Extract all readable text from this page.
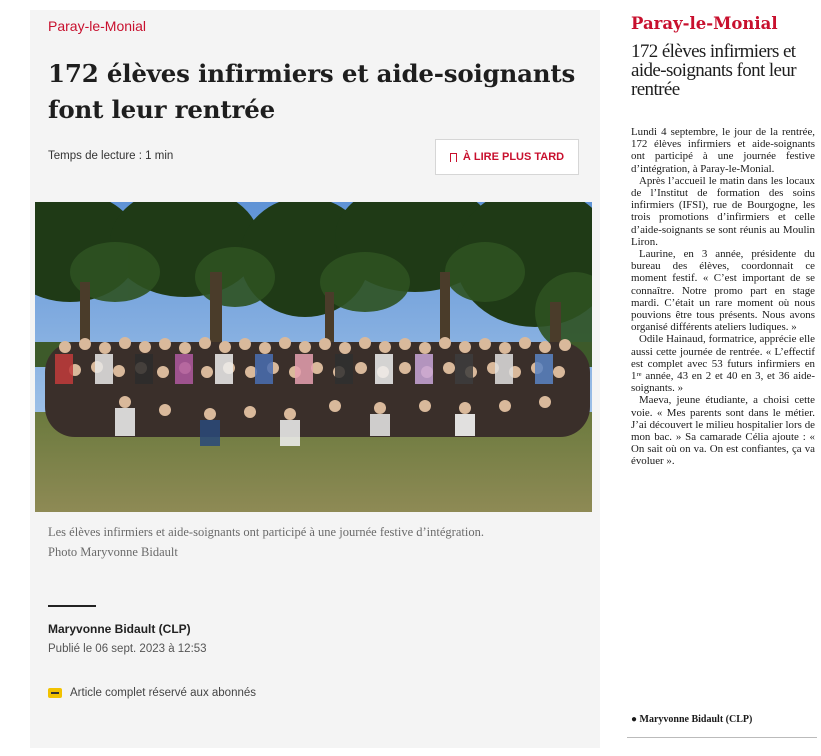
Paray-le-Monial
172 élèves infirmiers et aide-soignants font leur rentrée
Temps de lecture : 1 min	À LIRE PLUS TARD
Les élèves infirmiers et aide-soignants ont participé à une journée festive d’intégration.
Photo Maryvonne Bidault
Maryvonne Bidault (CLP)
Publié le 06 sept. 2023 à 12:53
Article complet réservé aux abonnés
Paray-le-Monial
172 élèves infirmiers et aide-soignants font leur rentrée

Lundi 4 septembre, le jour de la rentrée, 172 élèves infirmiers et aide-soignants ont participé à une journée festive d’intégration, à Paray-le-Monial.

Après l’accueil le matin dans les locaux de l’Institut de formation des soins infirmiers (IFSI), rue de Bourgogne, les trois promotions d’infirmiers et celle d’aide-soignants se sont réunis au Moulin Liron.

Laurine, en 3 année, présidente du bureau des élèves, coordonnait ce moment festif. « C’est important de se connaître. Notre promo part en stage mardi. C’était un rare moment où nous pouvions être tous présents. Nous avons organisé différents ateliers ludiques. »

Odile Hainaud, formatrice, apprécie elle aussi cette journée de rentrée. « L’effectif est complet avec 53 futurs infirmiers en 1ʳᵉ année, 43 en 2 et 40 en 3, et 36 aide-soignants. »

Maeva, jeune étudiante, a choisi cette voie. « Mes parents sont dans le métier. J’ai découvert le milieu hospitalier lors de mon bac. » Sa camarade Célia ajoute : « On sait où on va. On est confiantes, ça va évoluer ».

● Maryvonne Bidault (CLP)
